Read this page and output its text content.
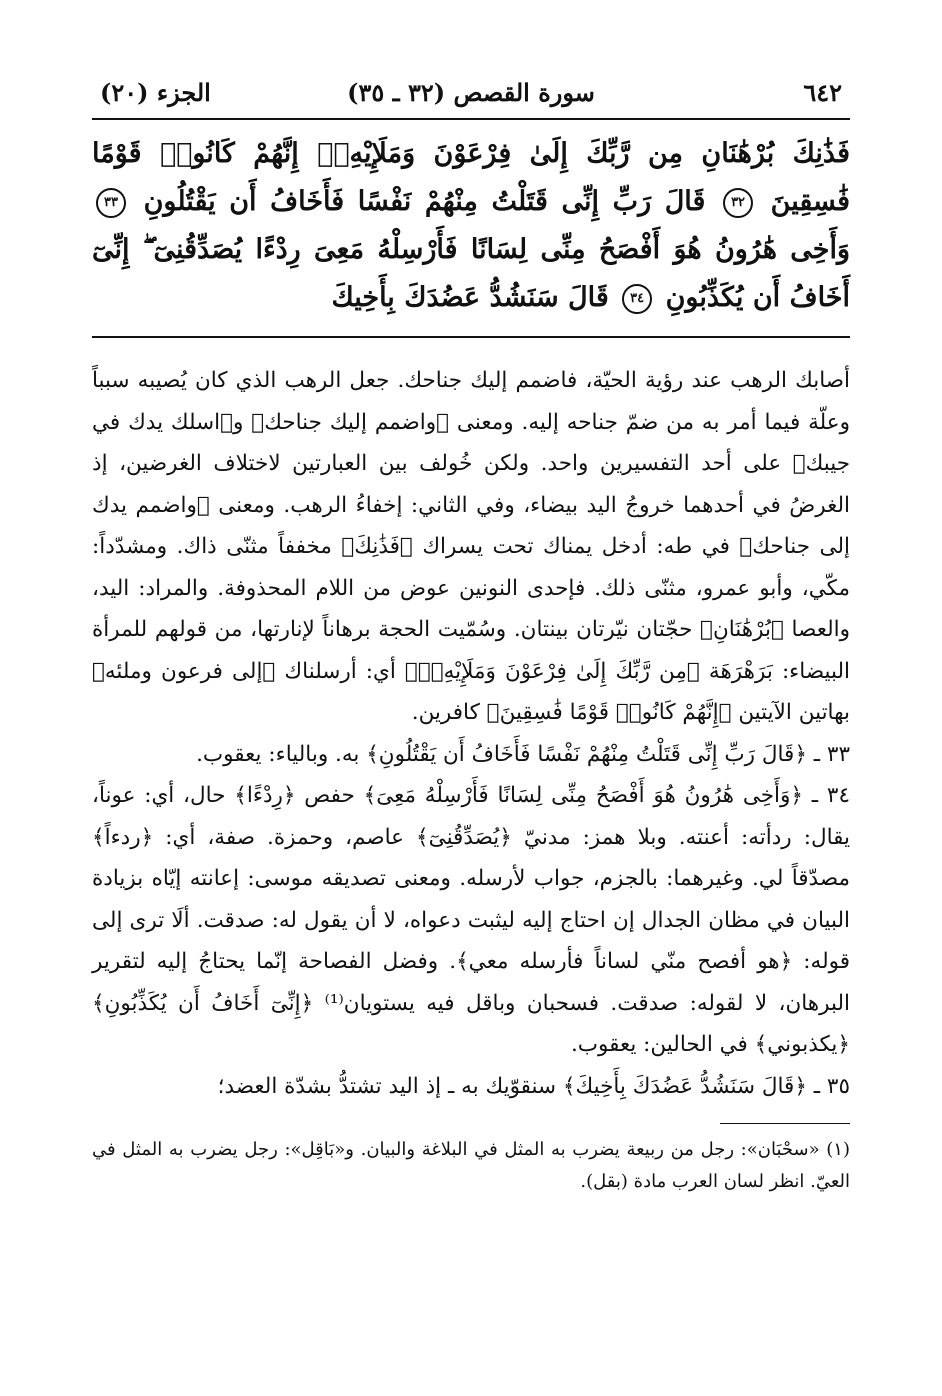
٦٤٢
سورة القصص (٣٢ ـ ٣٥)
الجزء (٢٠)
فَذَٰنِكَ بُرْهَٰنَانِ مِن رَّبِّكَ إِلَىٰ فِرْعَوْنَ وَمَلَإِيْهِۦٓ إِنَّهُمْ كَانُوا۟ قَوْمًا فَٰسِقِينَ ٣٢ قَالَ رَبِّ إِنِّى قَتَلْتُ مِنْهُمْ نَفْسًا فَأَخَافُ أَن يَقْتُلُونِ ٣٣ وَأَخِى هَٰرُونُ هُوَ أَفْصَحُ مِنِّى لِسَانًا فَأَرْسِلْهُ مَعِىَ رِدْءًا يُصَدِّقُنِىٓ ۖ إِنِّىٓ أَخَافُ أَن يُكَذِّبُونِ ٣٤ قَالَ سَنَشُدُّ عَضُدَكَ بِأَخِيكَ

أصابك الرهب عند رؤية الحيّة، فاضمم إليك جناحك. جعل الرهب الذي كان يُصيبه سبباً وعلّة فيما أمر به من ضمّ جناحه إليه. ومعنى ﴿واضمم إليك جناحك﴾ و﴿اسلك يدك في جيبك﴾ على أحد التفسيرين واحد. ولكن خُولف بين العبارتين لاختلاف الغرضين، إذ الغرضُ في أحدهما خروجُ اليد بيضاء، وفي الثاني: إخفاءُ الرهب. ومعنى ﴿واضمم يدك إلى جناحك﴾ في طه: أدخل يمناك تحت يسراك ﴿فَذَٰنِكَ﴾ مخففاً مثنّى ذاك. ومشدّداً: مكّي، وأبو عمرو، مثنّى ذلك. فإحدى النونين عوض من اللام المحذوفة. والمراد: اليد، والعصا ﴿بُرْهَٰنَانِ﴾ حجّتان نيّرتان بينتان. وسُمّيت الحجة برهاناً لإنارتها، من قولهم للمرأة البيضاء: بَرَهْرَهَة ﴿مِن رَّبِّكَ إِلَىٰ فِرْعَوْنَ وَمَلَإِيْهِۦٓ﴾ أي: أرسلناك ﴿إلى فرعون وملئه﴾ بهاتين الآيتين ﴿إِنَّهُمْ كَانُوا۟ قَوْمًا فَٰسِقِينَ﴾ كافرين.

٣٣ ـ ﴿قَالَ رَبِّ إِنِّى قَتَلْتُ مِنْهُمْ نَفْسًا فَأَخَافُ أَن يَقْتُلُونِ﴾ به. وبالياء: يعقوب.

٣٤ ـ ﴿وَأَخِى هَٰرُونُ هُوَ أَفْصَحُ مِنِّى لِسَانًا فَأَرْسِلْهُ مَعِىَ﴾ حفص ﴿رِدْءًا﴾ حال، أي: عوناً، يقال: ردأته: أعنته. وبلا همز: مدنيّ ﴿يُصَدِّقُنِىٓ﴾ عاصم، وحمزة. صفة، أي: ﴿ردءاً﴾ مصدّقاً لي. وغيرهما: بالجزم، جواب لأرسله. ومعنى تصديقه موسى: إعانته إيّاه بزيادة البيان في مظان الجدال إن احتاج إليه ليثبت دعواه، لا أن يقول له: صدقت. ألَا ترى إلى قوله: ﴿هو أفصح منّي لساناً فأرسله معي﴾. وفضل الفصاحة إنّما يحتاجُ إليه لتقرير البرهان، لا لقوله: صدقت. فسحبان وباقل فيه يستويان⁽¹⁾ ﴿إِنِّىٓ أَخَافُ أَن يُكَذِّبُونِ﴾ ﴿يكذبوني﴾ في الحالين: يعقوب.

٣٥ ـ ﴿قَالَ سَنَشُدُّ عَضُدَكَ بِأَخِيكَ﴾ سنقوّيك به ـ إذ اليد تشتدُّ بشدّة العضد؛

(١) «سحْبَان»: رجل من ربيعة يضرب به المثل في البلاغة والبيان. و«بَاقِل»: رجل يضرب به المثل في العيّ. انظر لسان العرب مادة (بقل).
